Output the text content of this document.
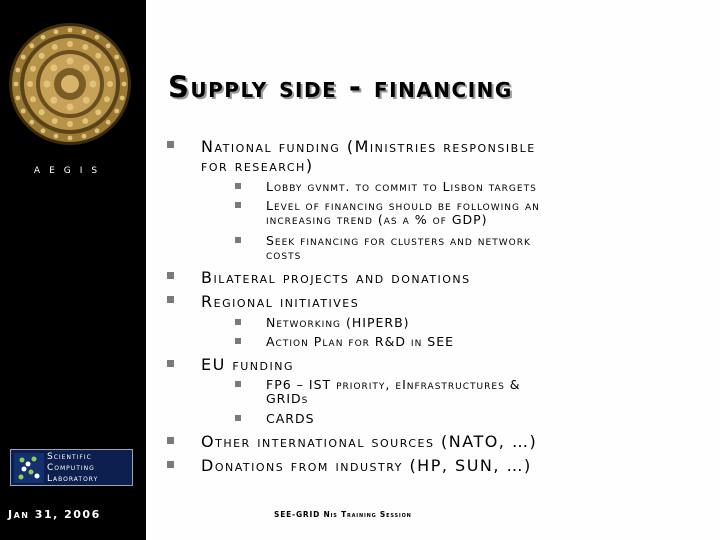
aegis
Scientific
Computing
Laboratory
Jan 31, 2006
Supply side - financing
National funding (Ministries responsible
for research)
Lobby gvnmt. to commit to Lisbon targets
Level of financing should be following an
increasing trend (as a % of GDP)
Seek financing for clusters and network
costs
Bilateral projects and donations
Regional initiatives
Networking (HIPERB)
Action Plan for R&D in SEE
EU funding
FP6 – IST priority, eInfrastructures &
GRIDs
CARDS
Other international sources (NATO, …)
Donations from industry (HP, SUN, …)
SEE-GRID Nis Training Session
